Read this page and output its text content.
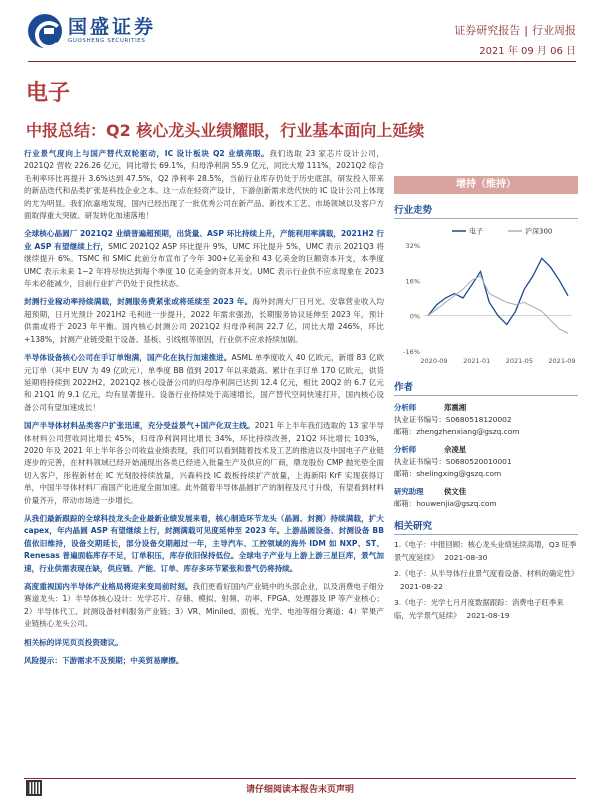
国盛证券
GUOSHENG SECURITIES
证券研究报告 | 行业周报
2021 年 09 月 06 日
电子
中报总结：Q2 核心龙头业绩耀眼，行业基本面向上延续

行业景气度向上与国产替代双轮驱动，IC 设计板块 Q2 业绩亮眼。我们选取 23 家芯片设计公司，2021Q2 营收 226.26 亿元，同比增长 69.1%，归母净利润 55.9 亿元，同比大增 111%，2021Q2 综合毛利率环比再提升 3.6%达到 47.5%，Q2 净利率 28.5%，当前行业库存仍处于历史底部，研发投入带来的新品迭代和品类扩张是科技企业之本。这一点在轻资产设计，下游创新需求迭代快的 IC 设计公司上体现的尤为明显。我们依嘉地发现，国内已经出现了一批优秀公司在新产品、新技术工艺、市场领域以及客户方面取得重大突破、研发转化加速落地！

全球核心晶圆厂 2021Q2 业绩普遍超预期，出货量、ASP 环比持续上升，产能利用率满载，2021H2 行业 ASP 有望继续上行，SMIC 2021Q2 ASP 环比提升 9%，UMC 环比提升 5%，UMC 表示 2021Q3 将继续提升 6%。TSMC 和 SMIC 此前分布宣布了今年 300+亿美金和 43 亿美金的巨额资本开支，本季度 UMC 表示未来 1~2 年将尽快达到每个季度 10 亿美金的资本开支。UMC 表示行业供不应求现象在 2023 年未必能减少，目前行业扩产仍处于良性状态。

封测行业稼动率持续满载，封测服务费紧张或将延续至 2023 年。海外封测大厂日月光、安靠营业收入均超预期，日月光预计 2021H2 毛利进一步提升，2022 年需求强劲，长期服务协议延伸至 2023 年，预计供需或将于 2023 年平衡。国内核心封测公司 2021Q2 归母净利润 22.7 亿，同比大增 246%，环比+138%，封测产业链受限于设备、基板、引线框等原因，行业供不应求持续加剧。

半导体设备核心公司在手订单饱满，国产化在执行加速推进。ASML 单季度收入 40 亿欧元，新增 83 亿欧元订单（其中 EUV 为 49 亿欧元），单季度 BB 值到 2017 年以来最高。累计在手订单 170 亿欧元，供货延期将持续到 2022H2。2021Q2 核心设备公司的归母净利润已达到 12.4 亿元，相比 20Q2 的 6.7 亿元和 21Q1 的 9.1 亿元，均有显著提升。设备行业持续处于高速增长，国产替代空间快速打开，国内核心设备公司有望加速成长！

国产半导体材料品类客户扩张迅速，充分受益景气+国产化双主线。2021 年上半年我们选取的 13 家半导体材料公司营收同比增长 45%，归母净利润同比增长 34%，环比持续改善，21Q2 环比增长 103%，2020 年及 2021 年上半年各公司收益业绩表现，我们可以看到随着技术及工艺的推进以及中国电子产业链逐步的完善，在材料领域已经开始涌现出各类已经进入批量生产及供应的厂商，鼎龙股份 CMP 抛光垫全面切入客户，彤程新材在 IC 光刻胶持续放量，兴森科技 IC 载板持续扩产放量，上海新阳 KrF 实现获得订单，中国半导体材料厂商国产化进度全面加速。此外随着半导体晶圆扩产的制程及尺寸升级，有望看到材料价量齐升，带动市场进一步增长。

从我们最新跟踪的全球科技龙头企业最新业绩发展来看，核心制造环节龙头（晶圆、封测）持续满载，扩大 capex，年内晶圆 ASP 有望继续上行，封测满载可见度延伸至 2023 年。上游晶圆设备、封测设备 BB 值依旧维持，设备交期延长，部分设备交期超过一年，主导汽车、工控领域的海外 IDM 如 NXP、ST、Renesas 普遍面临库存不足，订单积压，库存依旧保持低位。全球电子产业与上游上游三星巨库，景气加速，行业供需表现在缺，供应链、产能、订单、库存多环节紧张和景气仍将持续。

高度重视国内半导体产业格局将迎来变局前时刻。我们更看好国内产业链中的头部企业，以及消费电子细分赛道龙头：1）半导体核心设计：光学芯片、存储、模拟、射频、功率、FPGA、处理器及 IP 等产业核心；2）半导体代工、封测设备材料服务产业链；3）VR、Miniled、面板、光学、电池等细分赛道；4）苹果产业链核心龙头公司。

相关标的详见页页投资建议。

风险提示：下游需求不及预期；中美贸易摩擦。

增持（维持）
行业走势
32%
16%
0%
-16%
2020-09 2021-01 2021-05 2021-09
电子	沪深300
作者
分析师	郑震湘
执业证书编号： S0680518120002
邮箱：zhengzhenxiang@gszq.com
分析师	佘凌星
执业证书编号： S0680520010001
邮箱：shelingxing@gszq.com
研究助理	侯文佳
邮箱：houwenjia@gszq.com
相关研究
1.《电子：中报回顾：核心龙头业绩延续高增，Q3 旺季景气度延续》 2021-08-30
2.《电子：从半导体行业景气度看设备、材料的确定性》2021-08-22
3.《电子：光学七月月度数据跟踪：消费电子旺季来临，光学景气延续》 2021-08-19
请仔细阅读本报告末页声明
